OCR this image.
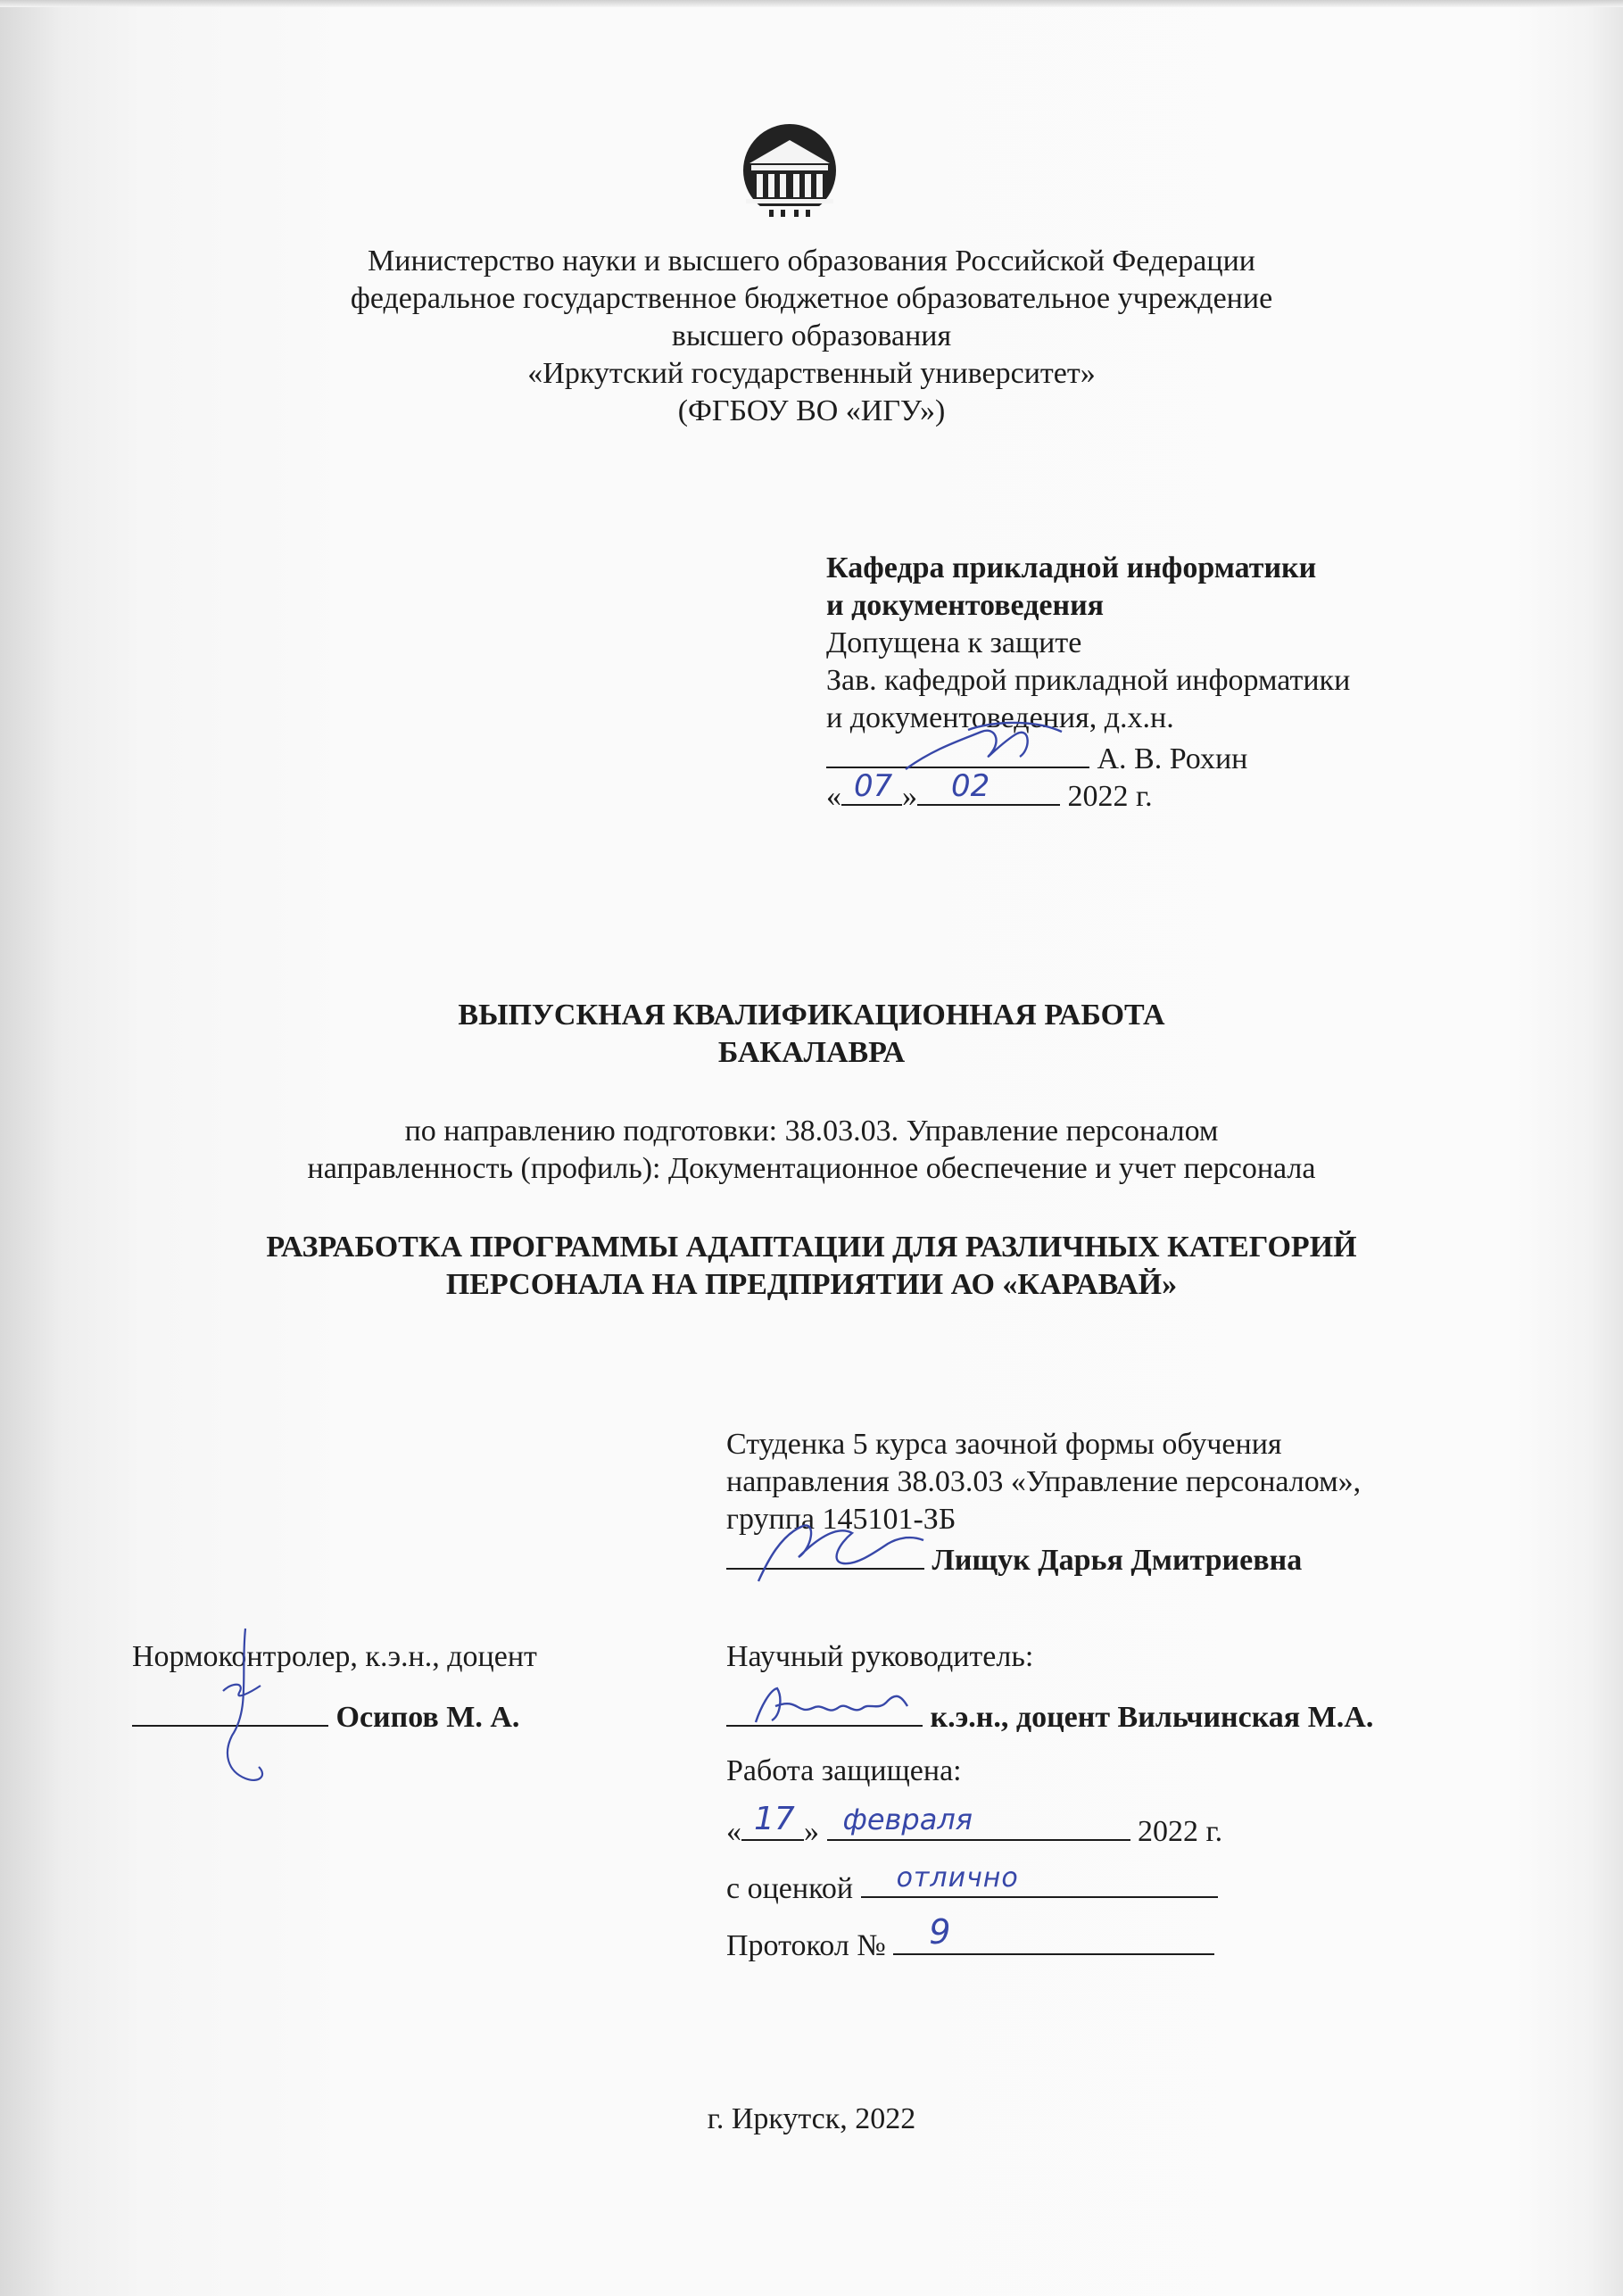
Министерство науки и высшего образования Российской Федерации
федеральное государственное бюджетное образовательное учреждение
высшего образования
«Иркутский государственный университет»
(ФГБОУ ВО «ИГУ»)
Кафедра прикладной информатики
и документоведения
Допущена к защите
Зав. кафедрой прикладной информатики
и документоведения, д.х.н.
А. В. Рохин
« 07 » 02	2022 г.
ВЫПУСКНАЯ КВАЛИФИКАЦИОННАЯ РАБОТА
БАКАЛАВРА
по направлению подготовки: 38.03.03. Управление персоналом
направленность (профиль): Документационное обеспечение и учет персонала
РАЗРАБОТКА ПРОГРАММЫ АДАПТАЦИИ ДЛЯ РАЗЛИЧНЫХ КАТЕГОРИЙ
ПЕРСОНАЛА НА ПРЕДПРИЯТИИ АО «КАРАВАЙ»
Студенка 5 курса заочной формы обучения
направления 38.03.03 «Управление персоналом»,
группа 145101-ЗБ
Лищук Дарья Дмитриевна
Нормоконтролер, к.э.н., доцент
Осипов М. А.
Научный руководитель:
к.э.н., доцент Вильчинская М.А.
Работа защищена:
« 17 » февраля	2022 г.
с оценкой отлично
Протокол № 9
г. Иркутск, 2022
